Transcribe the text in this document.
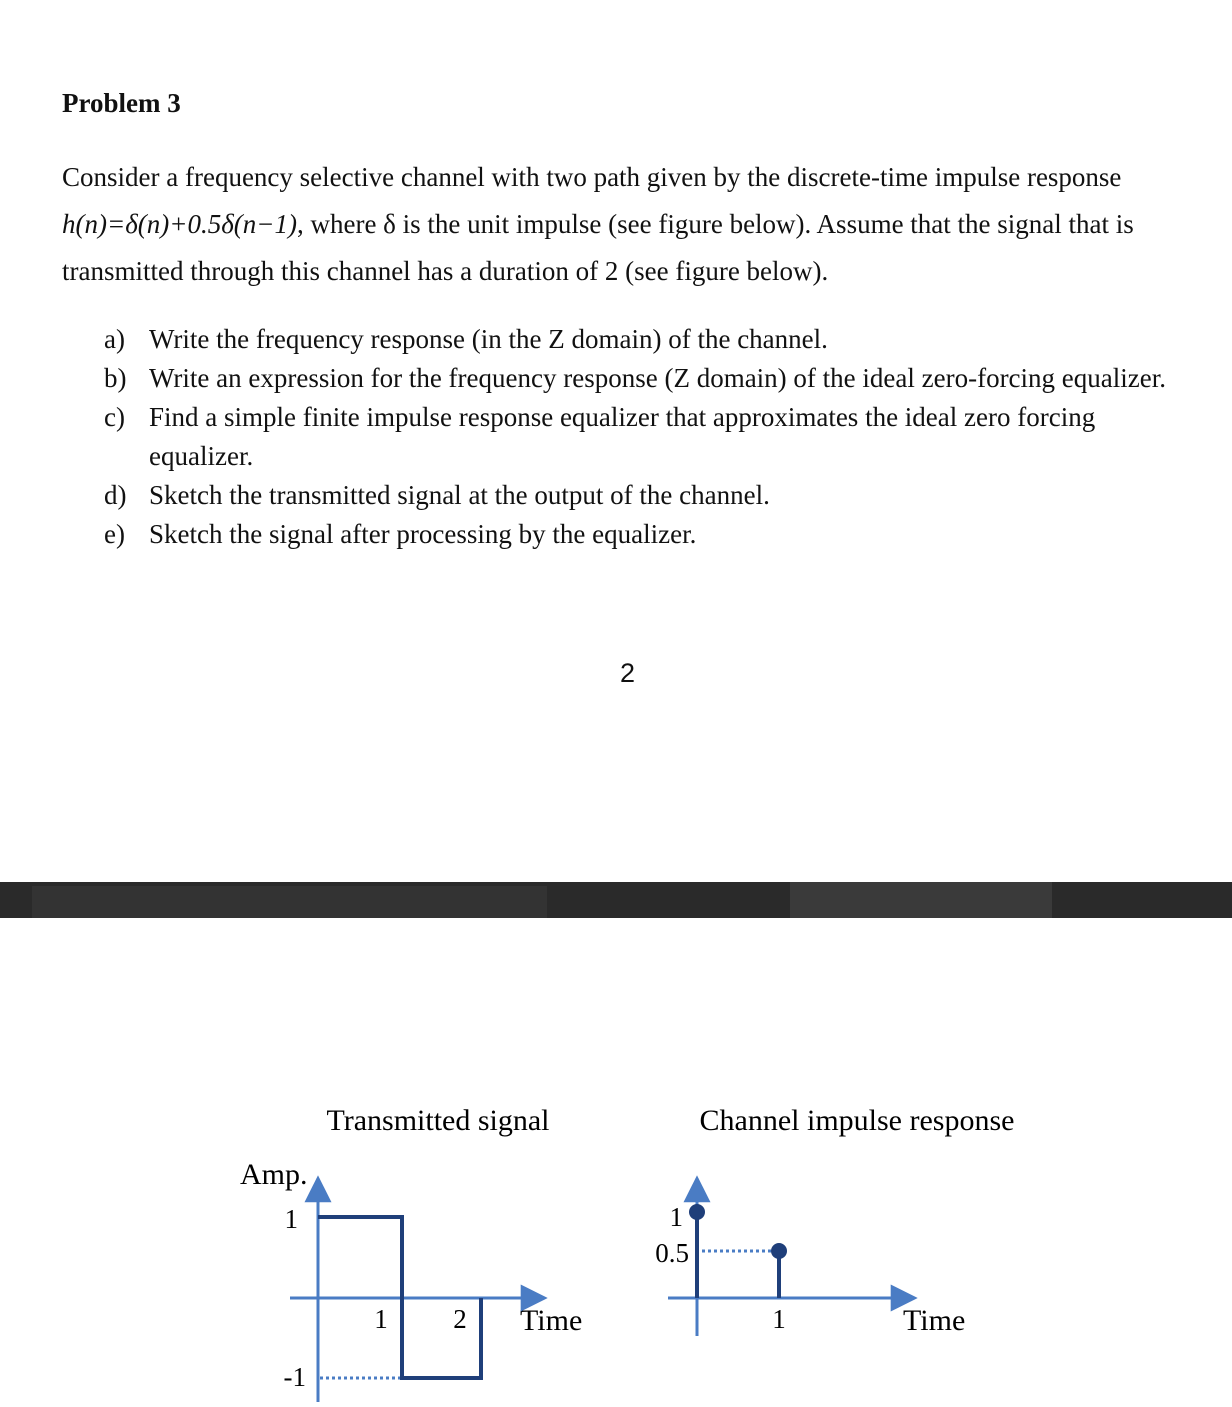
Problem 3
Consider a frequency selective channel with two path given by the discrete-time impulse response h(n)=δ(n)+0.5δ(n−1), where δ is the unit impulse (see figure below). Assume that the signal that is transmitted through this channel has a duration of 2 (see figure below).
a) Write the frequency response (in the Z domain) of the channel.
b) Write an expression for the frequency response (Z domain) of the ideal zero-forcing equalizer.
c) Find a simple finite impulse response equalizer that approximates the ideal zero forcing equalizer.
d) Sketch the transmitted signal at the output of the channel.
e) Sketch the signal after processing by the equalizer.
2
Transmitted signal
Amp.
1
-1
1 2 Time
Channel impulse response
1
0.5
1	Time
